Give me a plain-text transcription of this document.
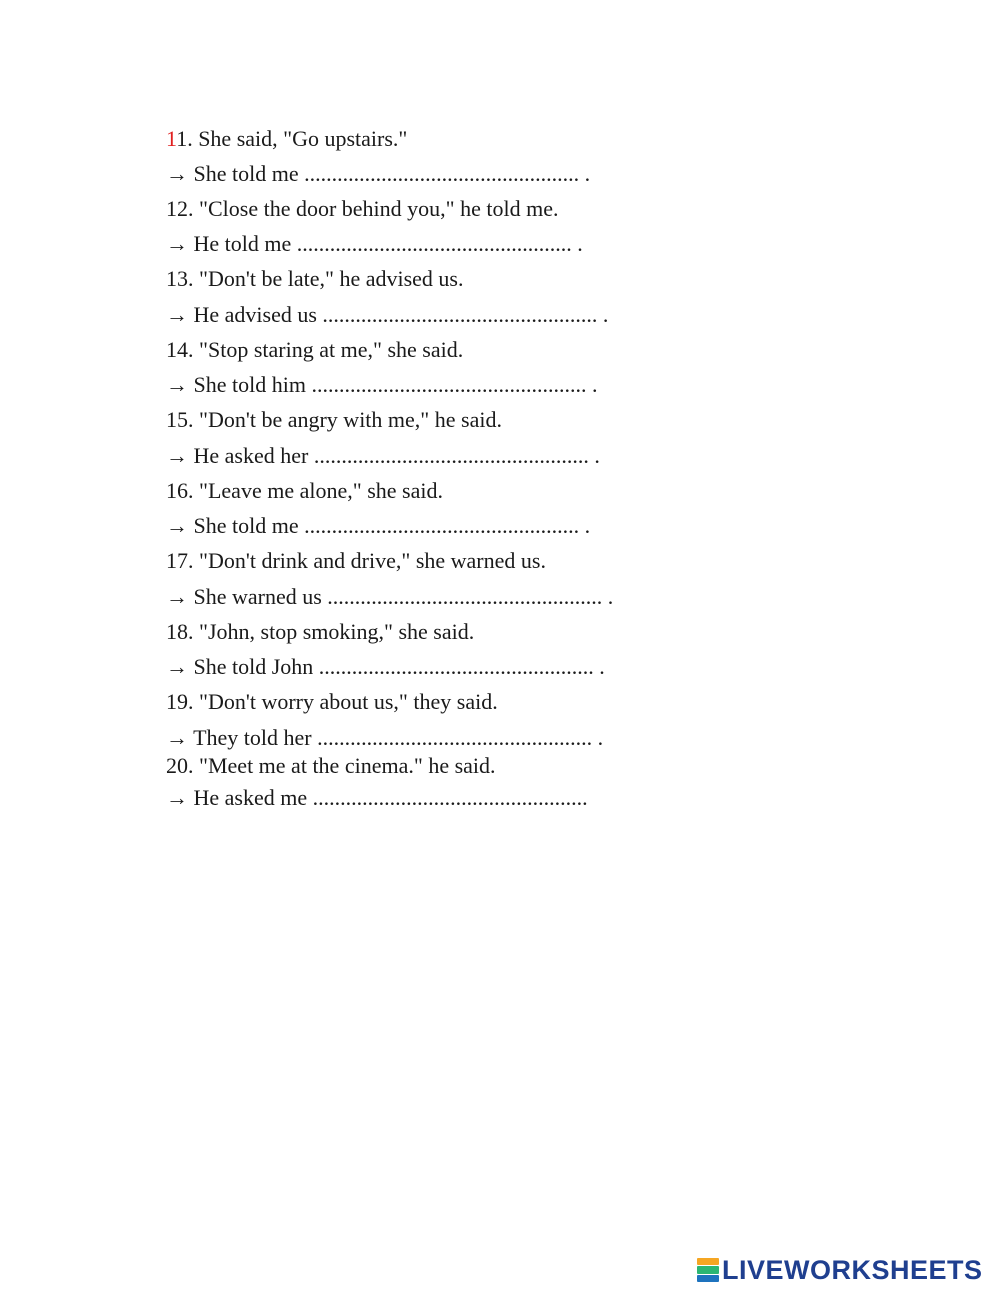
11. She said, "Go upstairs."
→ She told me .................................................. .
12. "Close the door behind you," he told me.
→ He told me .................................................. .
13. "Don't be late," he advised us.
→ He advised us .................................................. .
14. "Stop staring at me," she said.
→ She told him .................................................. .
15. "Don't be angry with me," he said.
→ He asked her .................................................. .
16. "Leave me alone," she said.
→ She told me .................................................. .
17. "Don't drink and drive," she warned us.
→ She warned us .................................................. .
18. "John, stop smoking," she said.
→ She told John .................................................. .
19. "Don't worry about us," they said.
→ They told her .................................................. .
20. "Meet me at the cinema." he said.
→ He asked me ..................................................
LIVEWORKSHEETS
